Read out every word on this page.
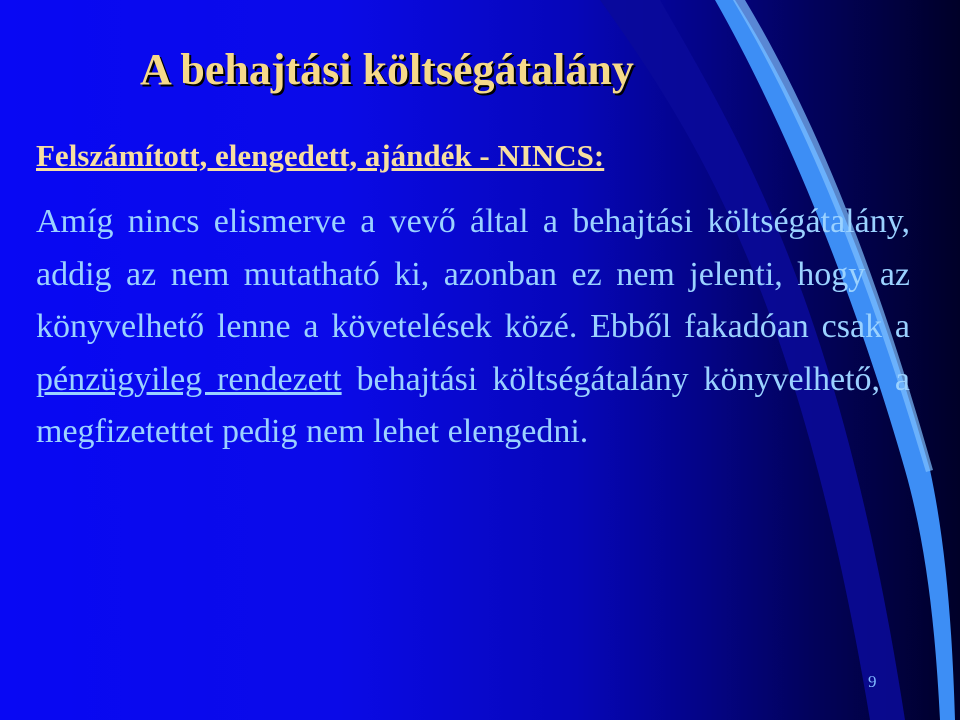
A behajtási költségátalány
Felszámított, elengedett, ajándék - NINCS:

Amíg nincs elismerve a vevő által a behajtási költségátalány, addig az nem mutatható ki, azonban ez nem jelenti, hogy az könyvelhető lenne a követelések közé. Ebből fakadóan csak a pénzügyileg rendezett behajtási költségátalány könyvelhető, a megfizetettet pedig nem lehet elengedni.

9
